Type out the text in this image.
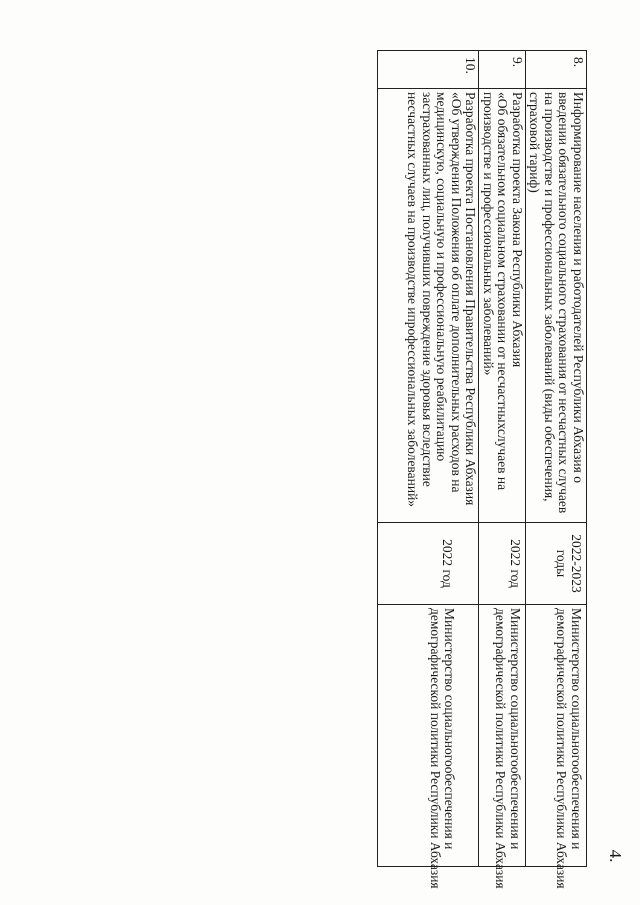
4.
8.	Информирование населения и работодателей Республики Абхазия о
введении обязательного социального страхования от несчастных случаев
на производстве и профессиональных заболеваний (виды обеспечения,
страховой тариф)	2022-2023
годы	Министерство социальногообеспечения и
демографической политики Республики Абхазия

9.	Разработка проекта Закона Республики Абхазия
«Об обязательном социальном страховании от несчастныхслучаев на
производстве и профессиональных заболеваний»	2022 год	Министерство социальногообеспечения и
демографической политики Республики Абхазия

10.	Разработка проекта Постановления Правительства Республики Абхазия
«Об утверждении Положения об оплате дополнительных расходов на
медицинскую, социальную и профессиональную реабилитацию
застрахованных лиц, получивших повреждение здоровья вследствие
несчастных случаев на производстве ипрофессиональных заболеваний»	2022 год	Министерство социальногообеспечения и
демографической политики Республики Абхазия
